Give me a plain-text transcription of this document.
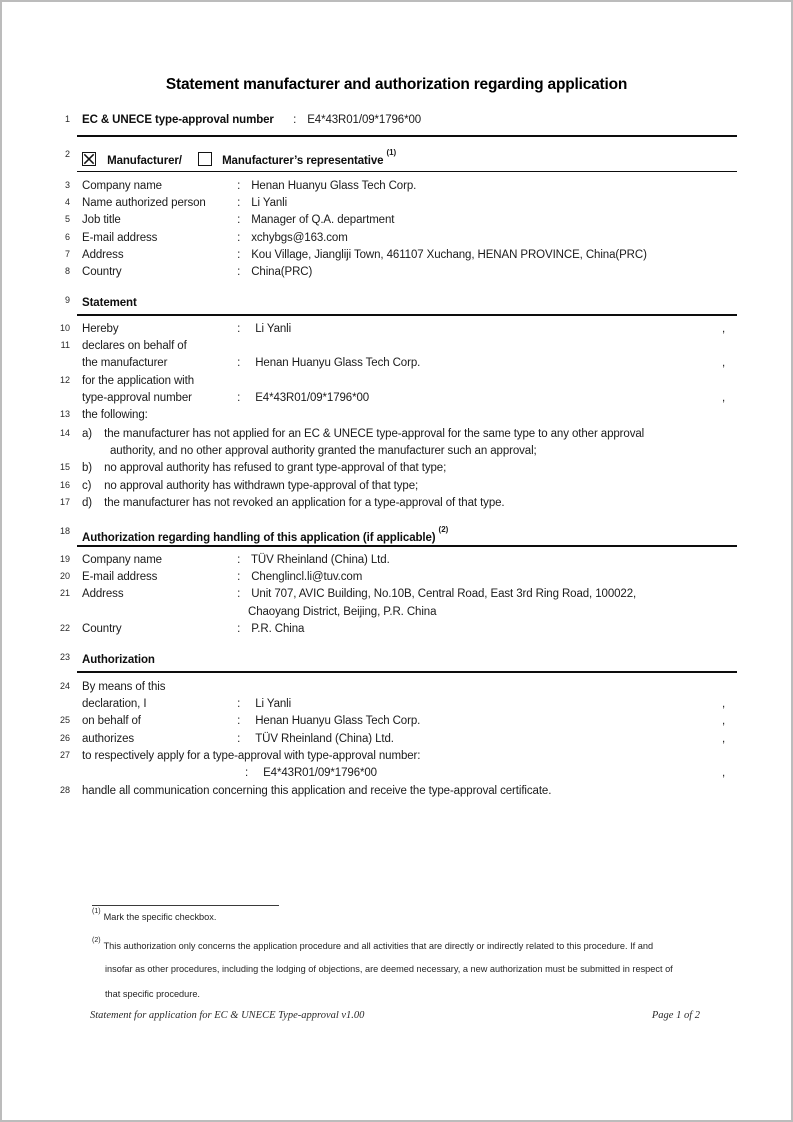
Statement manufacturer and authorization regarding application
1 EC & UNECE type-approval number : E4*43R01/09*1796*00
2
Manufacturer/	Manufacturer’s representative$^{(1)}$
3 Company name	: Henan Huanyu Glass Tech Corp.
4 Name authorized person	: Li Yanli
5 Job title	: Manager of Q.A. department
6 E-mail address	: xchybgs@163.com
7 Address	: Kou Village, Jiangliji Town, 461107 Xuchang, HENAN PROVINCE, China(PRC)
8 Country	: China(PRC)
9 Statement
10 Hereby	: Li Yanli	,
11 declares on behalf of
the manufacturer	: Henan Huanyu Glass Tech Corp.	,
12 for the application with
type-approval number	: E4*43R01/09*1796*00	,
13 the following:
14 a) the manufacturer has not applied for an EC & UNECE type-approval for the same type to any other approval
authority, and no other approval authority granted the manufacturer such an approval;
15 b) no approval authority has refused to grant type-approval of that type;
16 c) no approval authority has withdrawn type-approval of that type;
17 d) the manufacturer has not revoked an application for a type-approval of that type.
18
Authorization regarding handling of this application (if applicable)$^{(2)}$
19 Company name	: TÜV Rheinland (China) Ltd.
20 E-mail address	: Chenglincl.li@tuv.com
21 Address	: Unit 707, AVIC Building, No.10B, Central Road, East 3rd Ring Road, 100022,
Chaoyang District, Beijing, P.R. China
22 Country	: P.R. China
23 Authorization
24 By means of this
declaration, I	: Li Yanli	,
25 on behalf of	: Henan Huanyu Glass Tech Corp.	,
26 authorizes	: TÜV Rheinland (China) Ltd.	,
27 to respectively apply for a type-approval with type-approval number:
: E4*43R01/09*1796*00	,
28 handle all communication concerning this application and receive the type-approval certificate.
$^{(1)}$Mark the specific checkbox.
$^{(2)}$This authorization only concerns the application procedure and all activities that are directly or indirectly related to this procedure. If and
insofar as other procedures, including the lodging of objections, are deemed necessary, a new authorization must be submitted in respect of
that specific procedure.
Statement for application for EC & UNECE Type-approval v1.00	Page 1 of 2
